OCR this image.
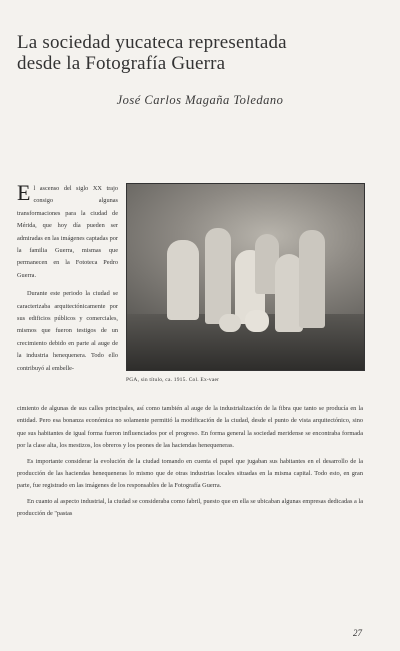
La sociedad yucateca representada desde la Fotografía Guerra
José Carlos Magaña Toledano

El ascenso del siglo XX trajo consigo algunas transformaciones para la ciudad de Mérida, que hoy día pueden ser admiradas en las imágenes captadas por la familia Guerra, mismas que permanecen en la Fototeca Pedro Guerra.

Durante este periodo la ciudad se caracterizaba arquitectónicamente por sus edificios públicos y comerciales, mismos que fueron testigos de un crecimiento debido en parte al auge de la industria henequenera. Todo ello contribuyó al embelle-

PGA, sin título, ca. 1915. Col. Ex-vaer

cimiento de algunas de sus calles principales, así como también al auge de la industrialización de la fibra que tanto se producía en la entidad. Pero esa bonanza económica no solamente permitió la modificación de la ciudad, desde el punto de vista arquitectónico, sino que sus habitantes de igual forma fueron influenciados por el progreso. En forma general la sociedad meridense se encontraba formada por la clase alta, los mestizos, los obreros y los peones de las haciendas henequeneras.

Es importante considerar la evolución de la ciudad tomando en cuenta el papel que jugaban sus habitantes en el desarrollo de la producción de las haciendas henequeneras lo mismo que de otras industrias locales situadas en la misma capital. Todo esto, en gran parte, fue registrado en las imágenes de los responsables de la Fotografía Guerra.

En cuanto al aspecto industrial, la ciudad se consideraba como fabril, puesto que en ella se ubicaban algunas empresas dedicadas a la producción de "pastas

27
